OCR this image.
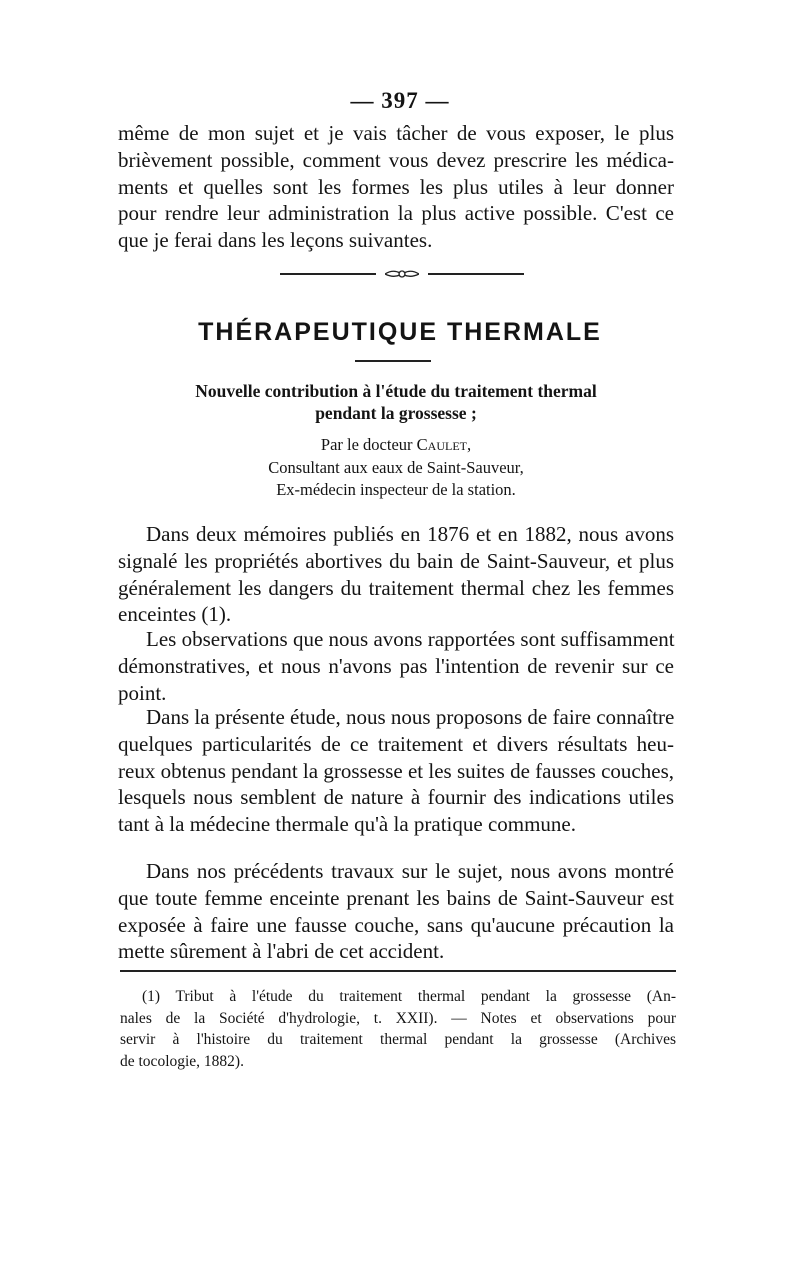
— 397 —

même de mon sujet et je vais tâcher de vous exposer, le plus
brièvement possible, comment vous devez prescrire les médica-
ments et quelles sont les formes les plus utiles à leur donner
pour rendre leur administration la plus active possible. C'est ce
que je ferai dans les leçons suivantes.

THÉRAPEUTIQUE THERMALE
Nouvelle contribution à l'étude du traitement thermal
pendant la grossesse ;
Par le docteur Caulet,
Consultant aux eaux de Saint-Sauveur,
Ex-médecin inspecteur de la station.

Dans deux mémoires publiés en 1876 et en 1882, nous avons
signalé les propriétés abortives du bain de Saint-Sauveur, et plus
généralement les dangers du traitement thermal chez les femmes
enceintes (1).

Les observations que nous avons rapportées sont suffisamment
démonstratives, et nous n'avons pas l'intention de revenir sur ce
point.

Dans la présente étude, nous nous proposons de faire connaître
quelques particularités de ce traitement et divers résultats heu-
reux obtenus pendant la grossesse et les suites de fausses couches,
lesquels nous semblent de nature à fournir des indications utiles
tant à la médecine thermale qu'à la pratique commune.

Dans nos précédents travaux sur le sujet, nous avons montré
que toute femme enceinte prenant les bains de Saint-Sauveur est
exposée à faire une fausse couche, sans qu'aucune précaution la
mette sûrement à l'abri de cet accident.

(1) Tribut à l'étude du traitement thermal pendant la grossesse (An-
nales de la Société d'hydrologie, t. XXII). — Notes et observations pour
servir à l'histoire du traitement thermal pendant la grossesse (Archives
de tocologie, 1882).
